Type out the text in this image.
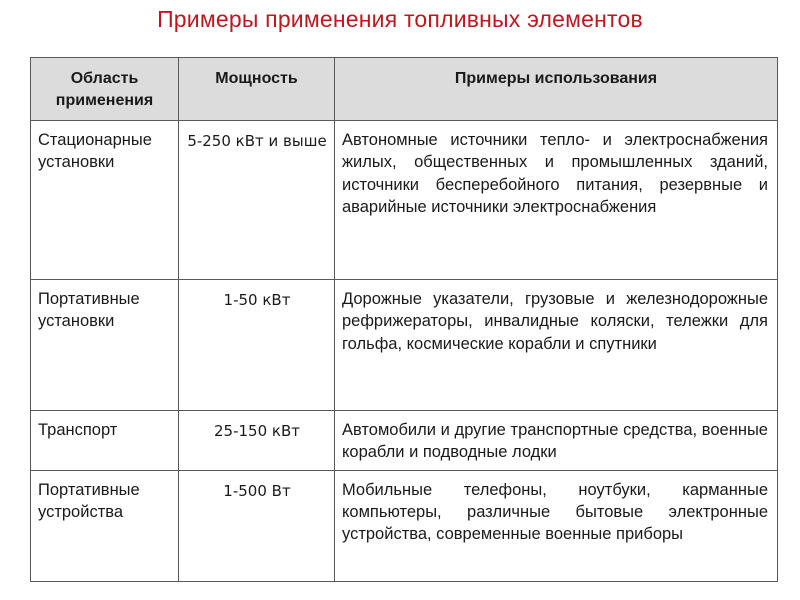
Примеры применения топливных элементов
Область применения	Мощность	Примеры использования

Стационарные установки	5-250 кВт и выше	Автономные источники тепло- и электроснабжения жилых, общественных и промышленных зданий, источники бесперебойного питания, резервные и аварийные источники электроснабжения

Портативные установки	1-50 кВт	Дорожные указатели, грузовые и железнодорожные рефрижераторы, инвалидные коляски, тележки для гольфа, космические корабли и спутники

Транспорт	25-150 кВт	Автомобили и другие транспортные средства, военные корабли и подводные лодки

Портативные устройства	1-500 Вт	Мобильные телефоны, ноутбуки, карманные компьютеры, различные бытовые электронные устройства, современные военные приборы
